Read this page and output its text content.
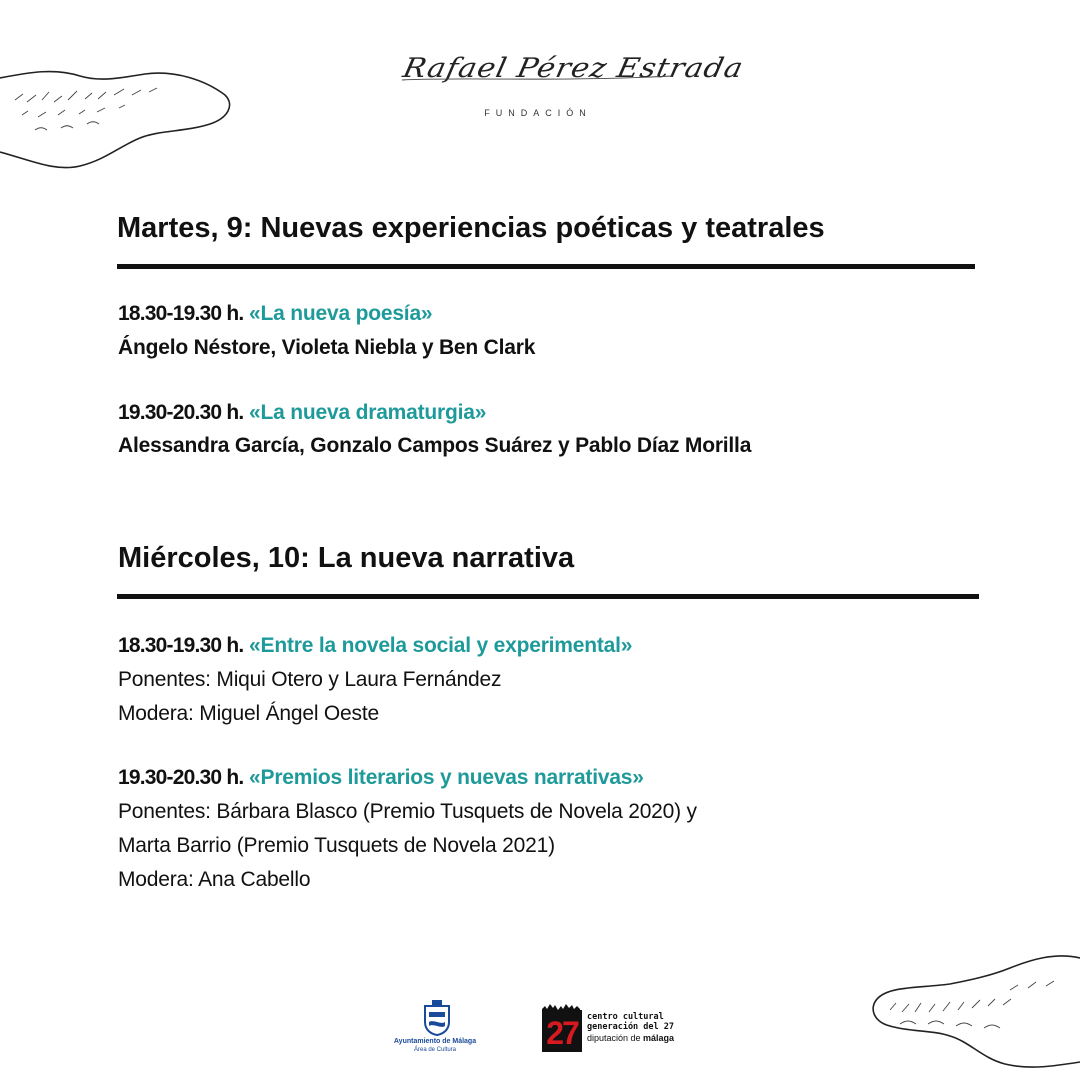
Rafael Pérez Estrada
FUNDACIÓN
Martes, 9: Nuevas experiencias poéticas y teatrales
18.30-19.30 h. «La nueva poesía»
Ángelo Néstore, Violeta Niebla y Ben Clark
19.30-20.30 h. «La nueva dramaturgia»
Alessandra García, Gonzalo Campos Suárez y Pablo Díaz Morilla
Miércoles, 10: La nueva narrativa
18.30-19.30 h. «Entre la novela social y experimental»
Ponentes: Miqui Otero y Laura Fernández
Modera: Miguel Ángel Oeste
19.30-20.30 h. «Premios literarios y nuevas narrativas»
Ponentes: Bárbara Blasco (Premio Tusquets de Novela 2020) y
Marta Barrio (Premio Tusquets de Novela 2021)
Modera: Ana Cabello
Ayuntamiento de Málaga
Área de Cultura	27	centro cultural
generación del 27
diputación de málaga
